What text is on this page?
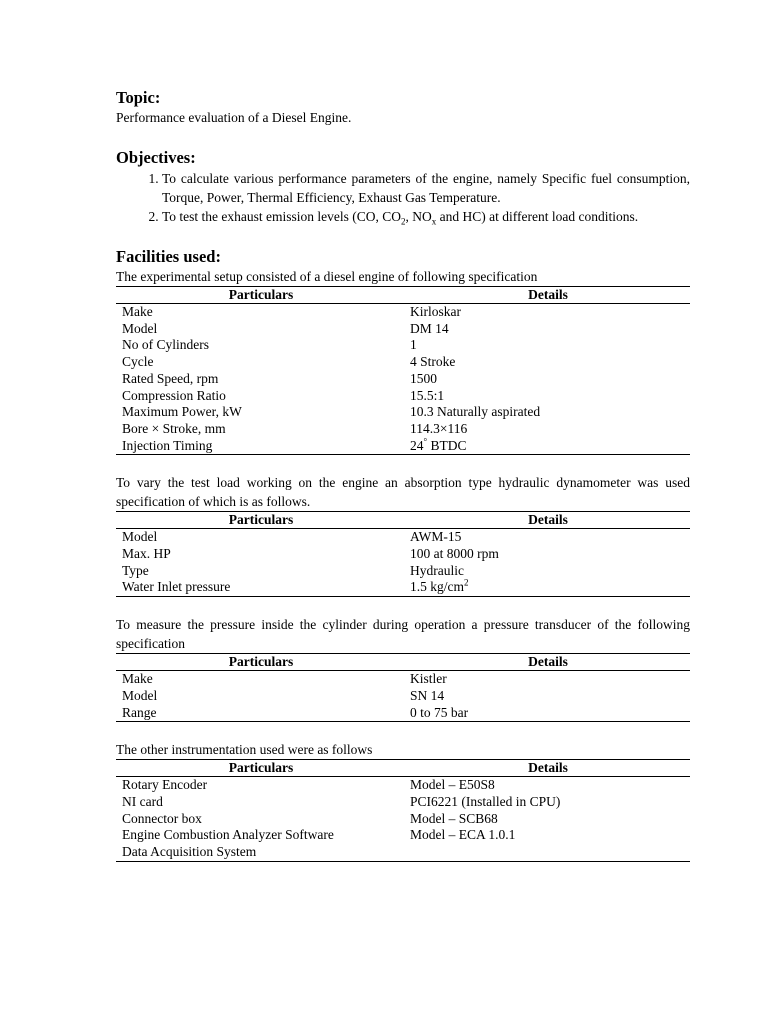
Topic:

Performance evaluation of a Diesel Engine.

Objectives:
1. To calculate various performance parameters of the engine, namely Specific fuel consumption, Torque, Power, Thermal Efficiency, Exhaust Gas Temperature.
2. To test the exhaust emission levels (CO, $CO_2$, $NO_x$ and HC) at different load conditions.
Facilities used:

The experimental setup consisted of a diesel engine of following specification

Particulars	Details
Make	Kirloskar
Model	DM 14
No of Cylinders	1
Cycle	4 Stroke
Rated Speed, rpm	1500
Compression Ratio	15.5:1
Maximum Power, kW	10.3 Naturally aspirated
Bore × Stroke, mm	114.3×116
Injection Timing	24° BTDC

To vary the test load working on the engine an absorption type hydraulic dynamometer was used specification of which is as follows.

Particulars	Details
Model	AWM-15
Max. HP	100 at 8000 rpm
Type	Hydraulic
Water Inlet pressure	1.5 $kg/cm^2$

To measure the pressure inside the cylinder during operation a pressure transducer of the following specification

Particulars	Details
Make	Kistler
Model	SN 14
Range	0 to 75 bar

The other instrumentation used were as follows

Particulars	Details
Rotary Encoder	Model – E50S8
NI card	PCI6221 (Installed in CPU)
Connector box	Model – SCB68
Engine Combustion Analyzer Software	Model – ECA 1.0.1
Data Acquisition System	
